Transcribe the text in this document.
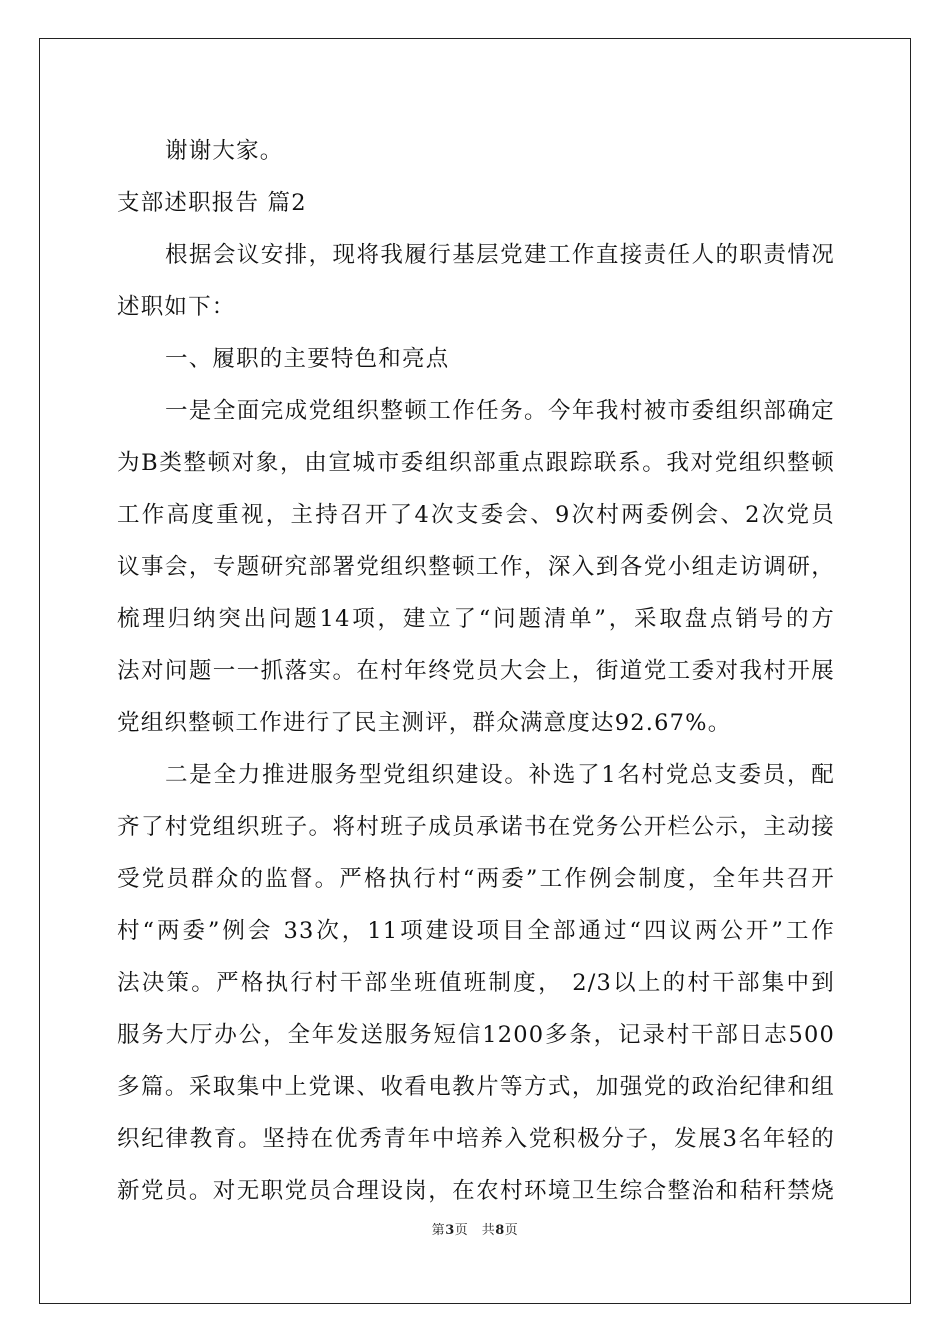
谢谢大家。
支部述职报告 篇2
根据会议安排，现将我履行基层党建工作直接责任人的职责情况
述职如下：
一、履职的主要特色和亮点
一是全面完成党组织整顿工作任务。今年我村被市委组织部确定
为B类整顿对象，由宣城市委组织部重点跟踪联系。我对党组织整顿
工作高度重视，主持召开了4次支委会、9次村两委例会、2次党员
议事会，专题研究部署党组织整顿工作，深入到各党小组走访调研，
梳理归纳突出问题14项，建立了“问题清单”，采取盘点销号的方
法对问题一一抓落实。在村年终党员大会上，街道党工委对我村开展
党组织整顿工作进行了民主测评，群众满意度达92.67%。
二是全力推进服务型党组织建设。补选了1名村党总支委员，配
齐了村党组织班子。将村班子成员承诺书在党务公开栏公示，主动接
受党员群众的监督。严格执行村“两委”工作例会制度，全年共召开
村“两委”例会 33次，11项建设项目全部通过“四议两公开”工作
法决策。严格执行村干部坐班值班制度， 2/3以上的村干部集中到
服务大厅办公，全年发送服务短信1200多条，记录村干部日志500
多篇。采取集中上党课、收看电教片等方式，加强党的政治纪律和组
织纪律教育。坚持在优秀青年中培养入党积极分子，发展3名年轻的
新党员。对无职党员合理设岗，在农村环境卫生综合整治和秸秆禁烧
第3页　共8页
